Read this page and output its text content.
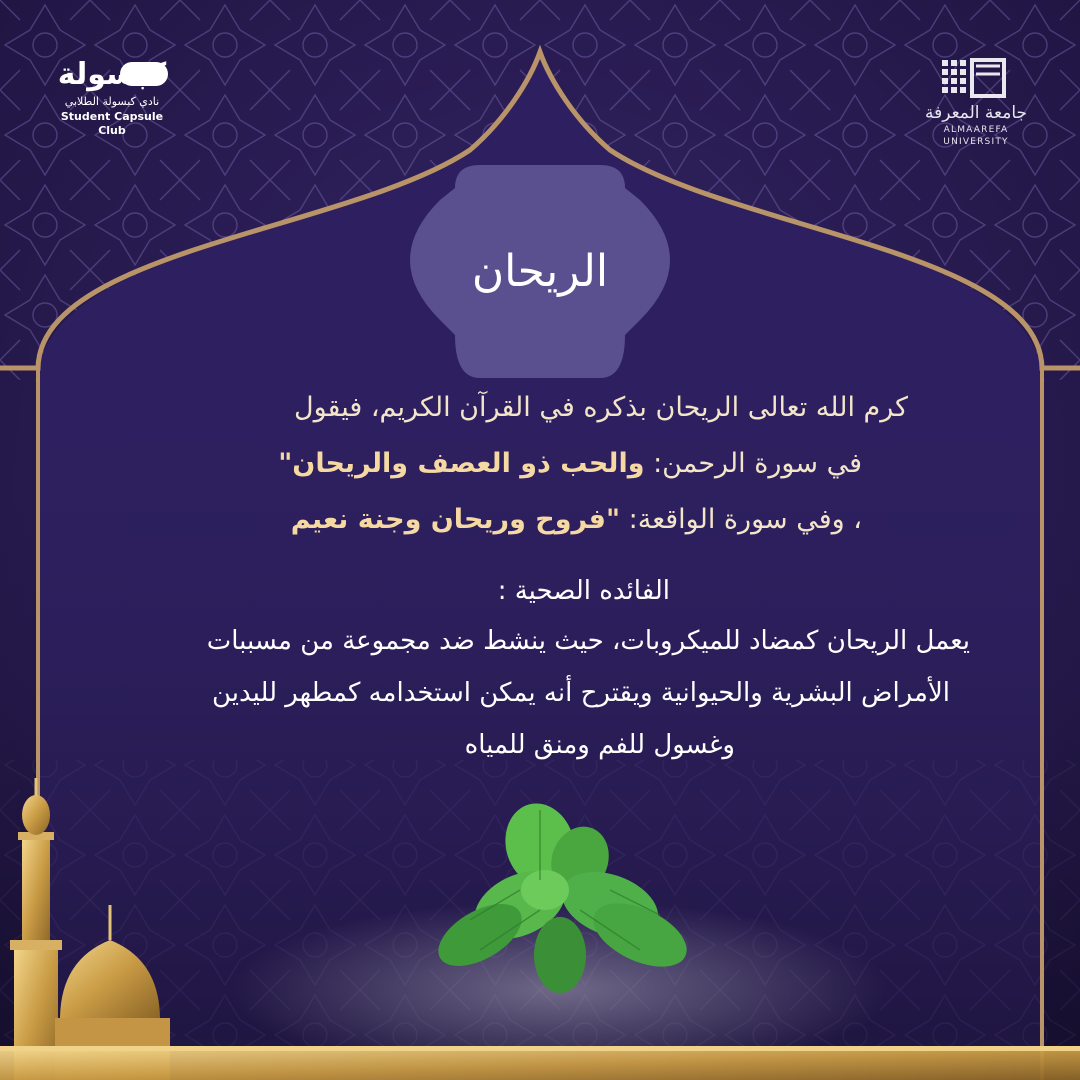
كبسولة
نادي كبسولة الطلابي
Student Capsule Club
جامعة المعرفة
ALMAAREFA UNIVERSITY
الريحان
كرم الله تعالى الريحان بذكره في القرآن الكريم، فيقول
في سورة الرحمن: والحب ذو العصف والريحان"
، وفي سورة الواقعة: "فروح وريحان وجنة نعيم
الفائده الصحية :
يعمل الريحان كمضاد للميكروبات، حيث ينشط ضد مجموعة من مسببات
الأمراض البشرية والحيوانية ويقترح أنه يمكن استخدامه كمطهر لليدين
وغسول للفم ومنق للمياه
